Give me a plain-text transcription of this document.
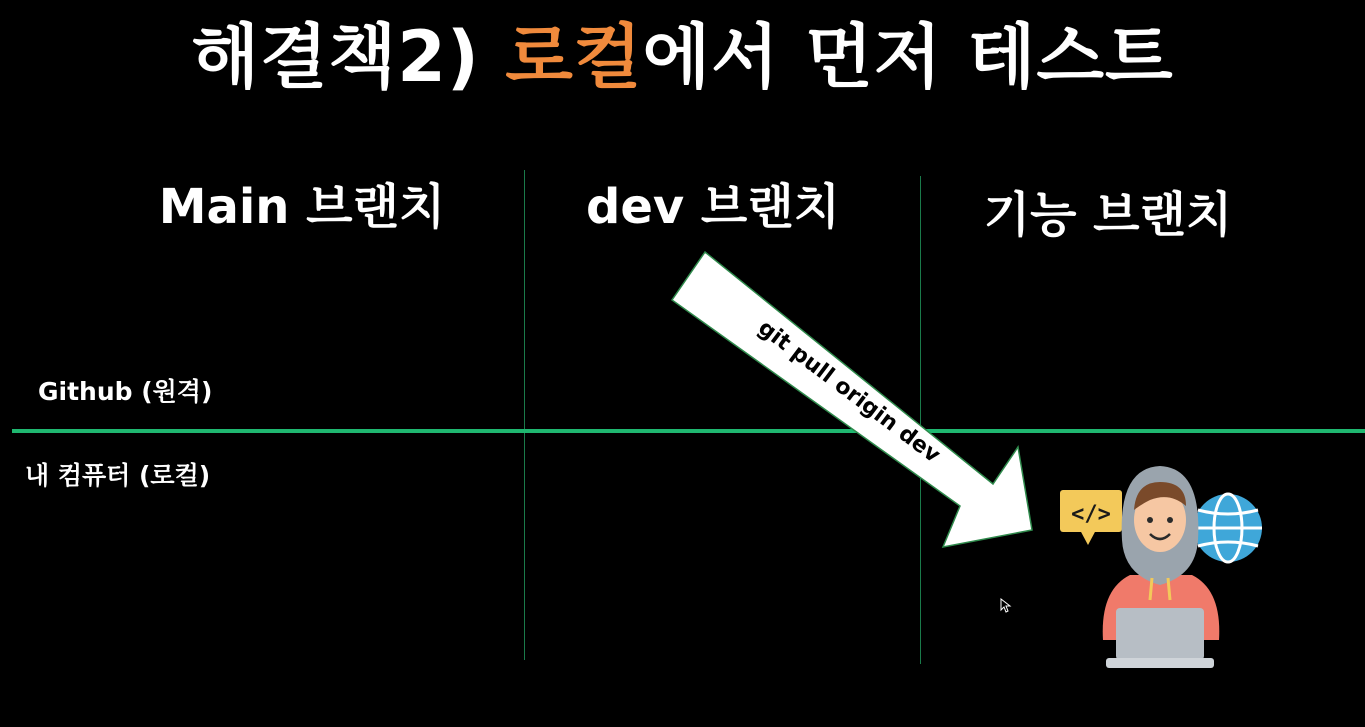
해결책2) 로컬에서 먼저 테스트
Main 브랜치	dev 브랜치	기능 브랜치
Github (원격)
내 컴퓨터 (로컬)
git pull origin dev
</>
